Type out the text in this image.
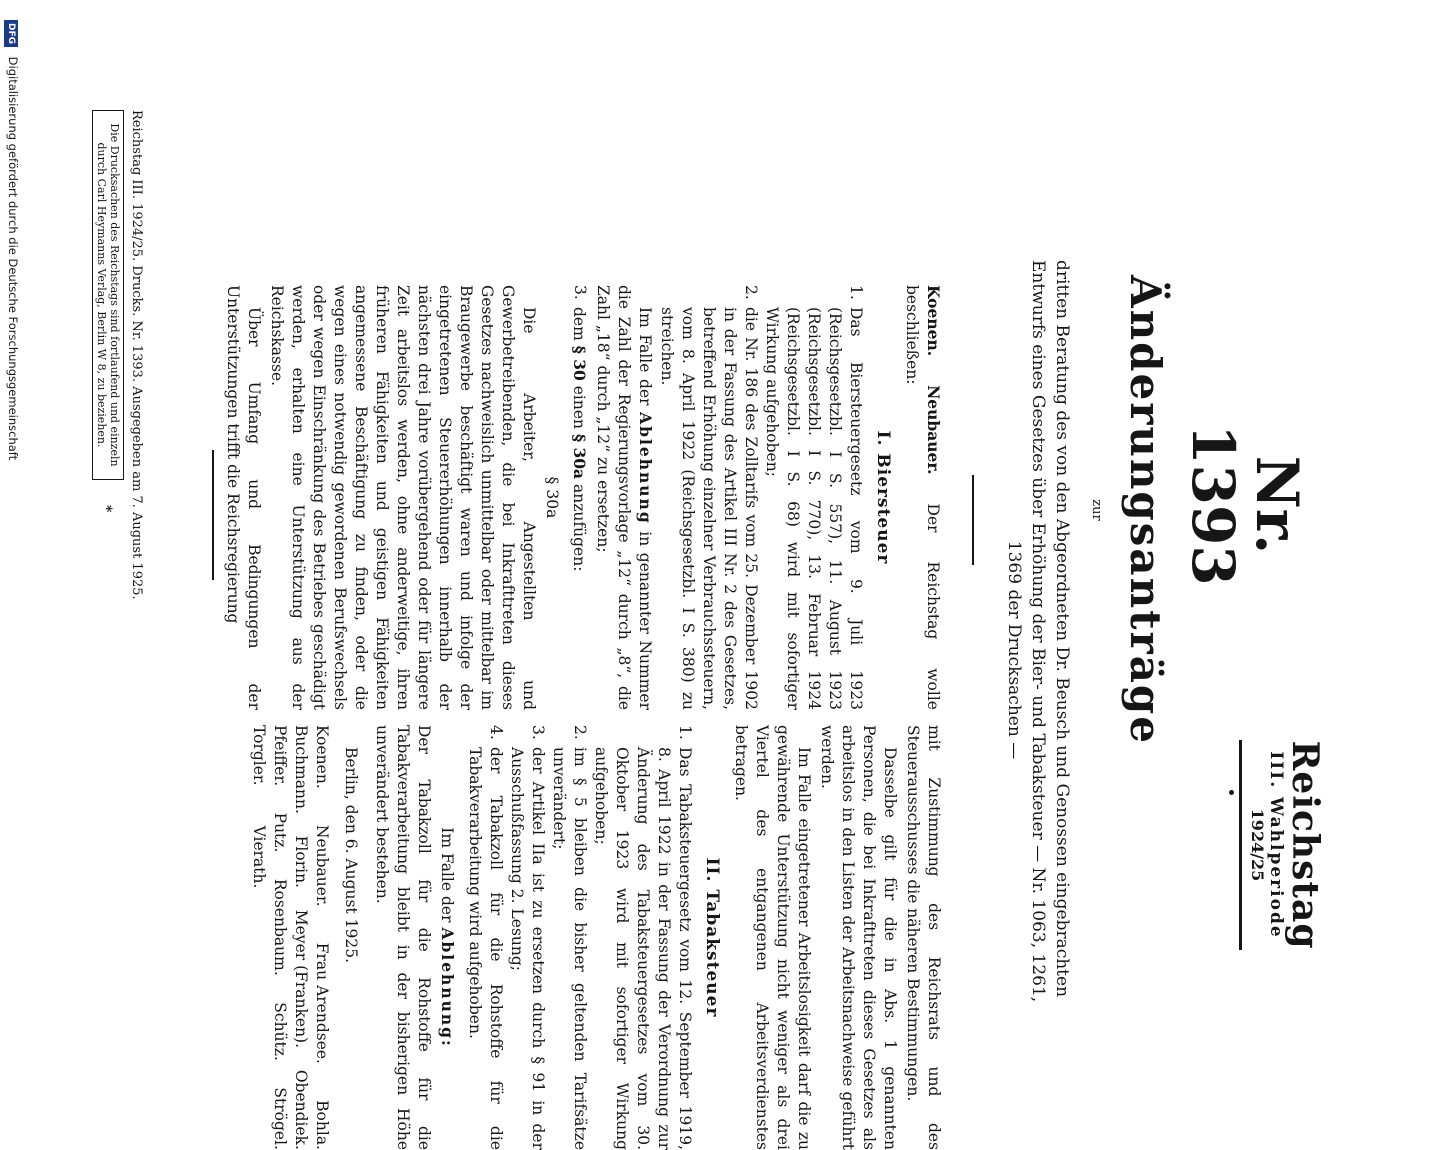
Reichstag
III. Wahlperiode
1924/25
Nr. 1393
Änderungsanträge
zur

dritten Beratung des von den Abgeordneten Dr. Beusch und Genossen eingebrachten

Entwurfs eines Gesetzes über Erhöhung der Bier- und Tabaksteuer — Nr. 1063, 1261,

1369 der Drucksachen —

Koenen. Neubauer. Der Reichstag wolle beschließen:

I. Biersteuer
1.
Das Biersteuergesetz vom 9. Juli 1923 (Reichsgesetzbl. I S. 557), 11. August 1923 (Reichsgesetzbl. I S. 770), 13. Februar 1924 (Reichsgesetzbl. I S. 68) wird mit sofortiger Wirkung aufgehoben;
2.
die Nr. 186 des Zolltarifs vom 25. Dezember 1902 in der Fassung des Artikel III Nr. 2 des Gesetzes, betreffend Erhöhung einzelner Verbrauchssteuern, vom 8. April 1922 (Reichsgesetzbl. I S. 380) zu streichen.

Im Falle der Ablehnung in genannter Nummer die Zahl der Regierungsvorlage „12“ durch „8“, die Zahl „18“ durch „12“ zu ersetzen;

3.
dem § 30 einen § 30a anzufügen:

§ 30a

Die Arbeiter, Angestellten und Gewerbetreibenden, die bei Inkrafttreten dieses Gesetzes nachweislich unmittelbar oder mittelbar im Braugewerbe beschäftigt waren und infolge der eingetretenen Steuererhöhungen innerhalb der nächsten drei Jahre vorübergehend oder für längere Zeit arbeitslos werden, ohne anderweitige, ihren früheren Fähigkeiten und geistigen Fähigkeiten angemessene Beschäftigung zu finden, oder die wegen eines notwendig gewordenen Berufswechsels oder wegen Einschränkung des Betriebes geschädigt werden, erhalten eine Unterstützung aus der Reichskasse.

Über Umfang und Bedingungen der Unterstützungen trifft die Reichsregierung

mit Zustimmung des Reichsrats und des Steuerausschusses die näheren Bestimmungen.

Dasselbe gilt für die in Abs. 1 genannten Personen, die bei Inkrafttreten dieses Gesetzes als arbeitslos in den Listen der Arbeitsnachweise geführt werden.

Im Falle eingetretener Arbeitslosigkeit darf die zu gewährende Unterstützung nicht weniger als drei Viertel des entgangenen Arbeitsverdienstes betragen.

II. Tabaksteuer
1.
Das Tabaksteuergesetz vom 12. September 1919, 8. April 1922 in der Fassung der Verordnung zur Änderung des Tabaksteuergesetzes vom 30. Oktober 1923 wird mit sofortiger Wirkung aufgehoben;
2.
im § 5 bleiben die bisher geltenden Tarifsätze unverändert;
3.
der Artikel IIa ist zu ersetzen durch § 91 in der Ausschußfassung 2. Lesung;
4.
der Tabakzoll für die Rohstoffe für die Tabakverarbeitung wird aufgehoben.

Im Falle der Ablehnung:

Der Tabakzoll für die Rohstoffe für die Tabakverarbeitung bleibt in der bisherigen Höhe unverändert bestehen.

Berlin, den 6. August 1925.

Koenen.
Neubauer.
Frau Arendsee.
Bohla.
Buchmann.
Florin.
Meyer (Franken).
Obendiek.
Pfeiffer.
Putz.
Rosenbaum.
Schütz.
Strögel.
Torgler.
Vierath.
Reichstag III. 1924/25. Drucks. Nr. 1393. Ausgegeben am 7. August 1925.
Die Drucksachen des Reichstags sind fortlaufend und einzeln
durch Carl Heymanns Verlag, Berlin W 8, zu beziehen.
*
DFG Digitalisierung gefördert durch die Deutsche Forschungsgemeinschaft
